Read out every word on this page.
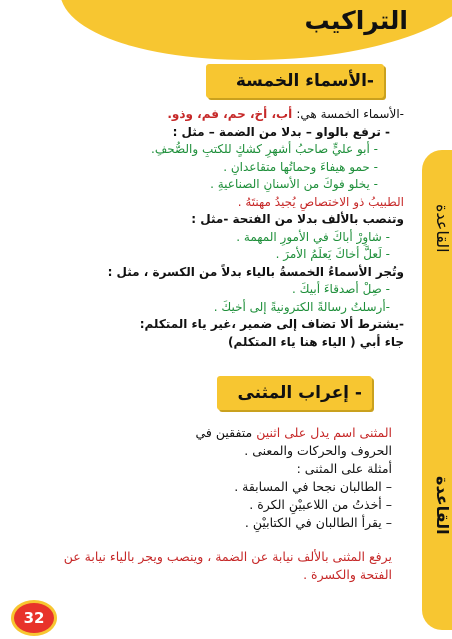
التراكيب
القاعدة
القاعدة
-الأسماء الخمسة
-الأسماء الخمسة هي: أب، أخ، حم، فم، وذو.
- ترفع بالواو – بدلا من الضمة – مثل :
- أبو عليٍّ صاحبُ أشهرِ كشكٍ للكتبِ والصُّحفِ.
- حمو هيفاءَ وحماتُها متقاعدانِ .
- يخلو فوكَ من الأسنانِ الصناعيةِ .
الطبيبُ ذو الاختصاصِ يُجيدُ مهنتَهُ .
وتنصب بالألف بدلا من الفتحة -مثل :
- شاوِرْ أباكَ في الأمورِ المهمة .
- لَعلَّ أخاكَ يَعلَمُ الأمرَ .
وتُجر الأسماءُ الخمسةُ بالياء بدلاً من الكسرة ، مثل :
- صِلْ أصدقاءَ أبيكَ .
-أرسلتُ رسالةً الكترونيةً إلى أخيكَ .
-يشترط ألا تضاف إلى ضمير ،غير ياء المتكلم:
جاء أبي ( الياء هنا ياء المتكلم)
- إعراب المثنى
المثنى اسم يدل على اثنين متفقين في
الحروف والحركات والمعنى .
أمثلة على المثنى :
– الطالبان نجحا في المسابقة .
– أخذتُ من اللاعبيْنِ الكرة .
– يقرأ الطالبان في الكتابيْنِ .
يرفع المثنى بالألف نيابة عن الضمة ، وينصب ويجر بالياء نيابة عن
الفتحة والكسرة .
32
